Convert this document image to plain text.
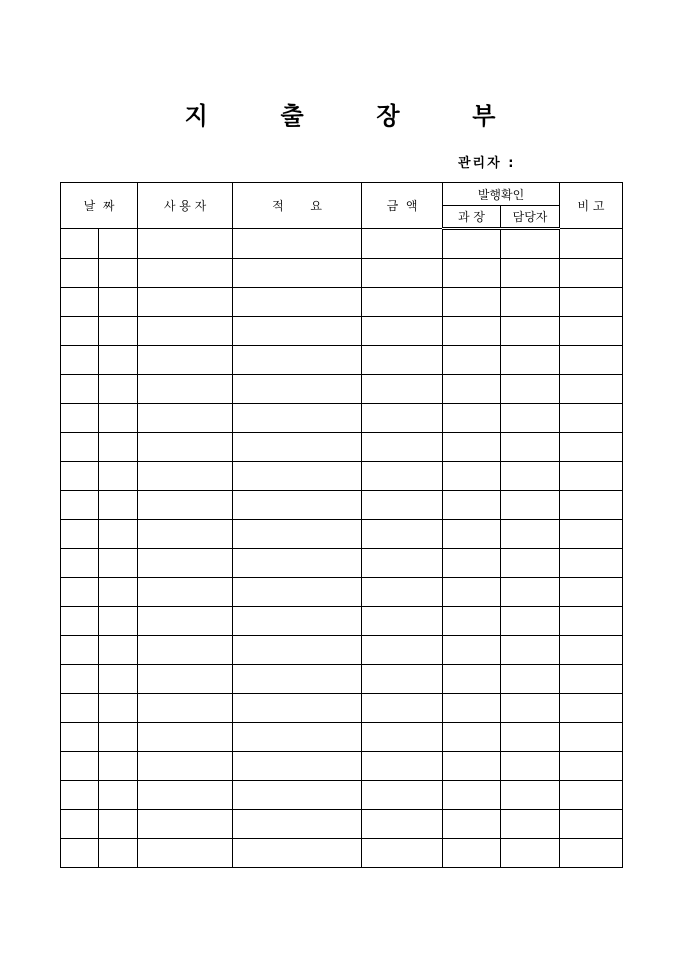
지  출  장  부
관리자 :
날  짜		사 용 자	적       요	금  액	발행확인		비 고
					과 장	담당자	
